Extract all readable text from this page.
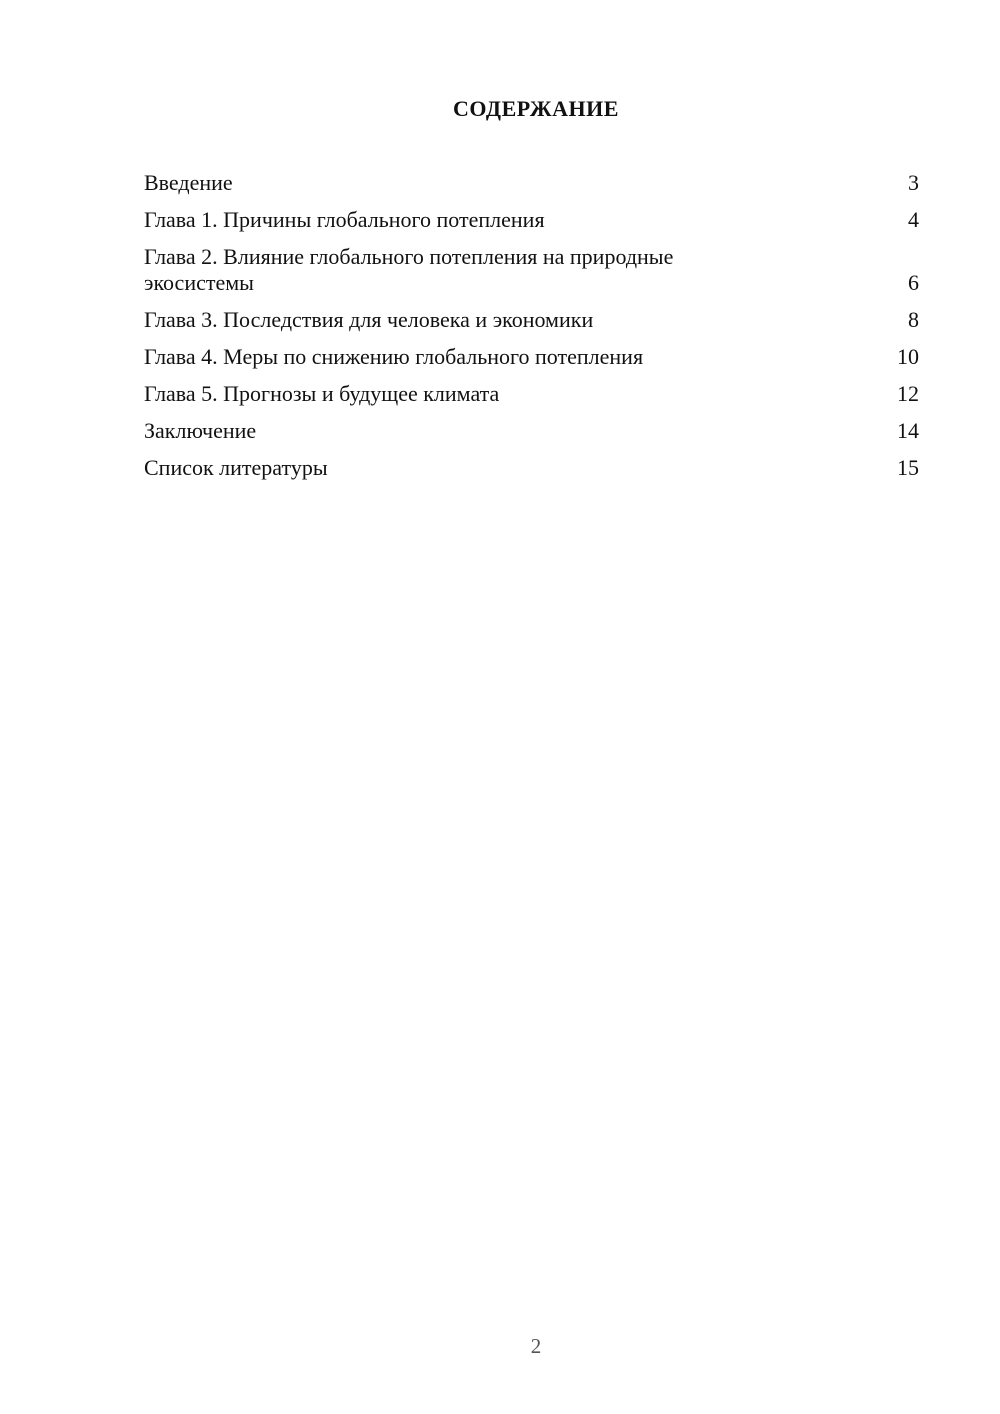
СОДЕРЖАНИЕ
Введение	3
Глава 1. Причины глобального потепления	4
Глава 2. Влияние глобального потепления на природные экосистемы	6
Глава 3. Последствия для человека и экономики	8
Глава 4. Меры по снижению глобального потепления	10
Глава 5. Прогнозы и будущее климата	12
Заключение	14
Список литературы	15
2
